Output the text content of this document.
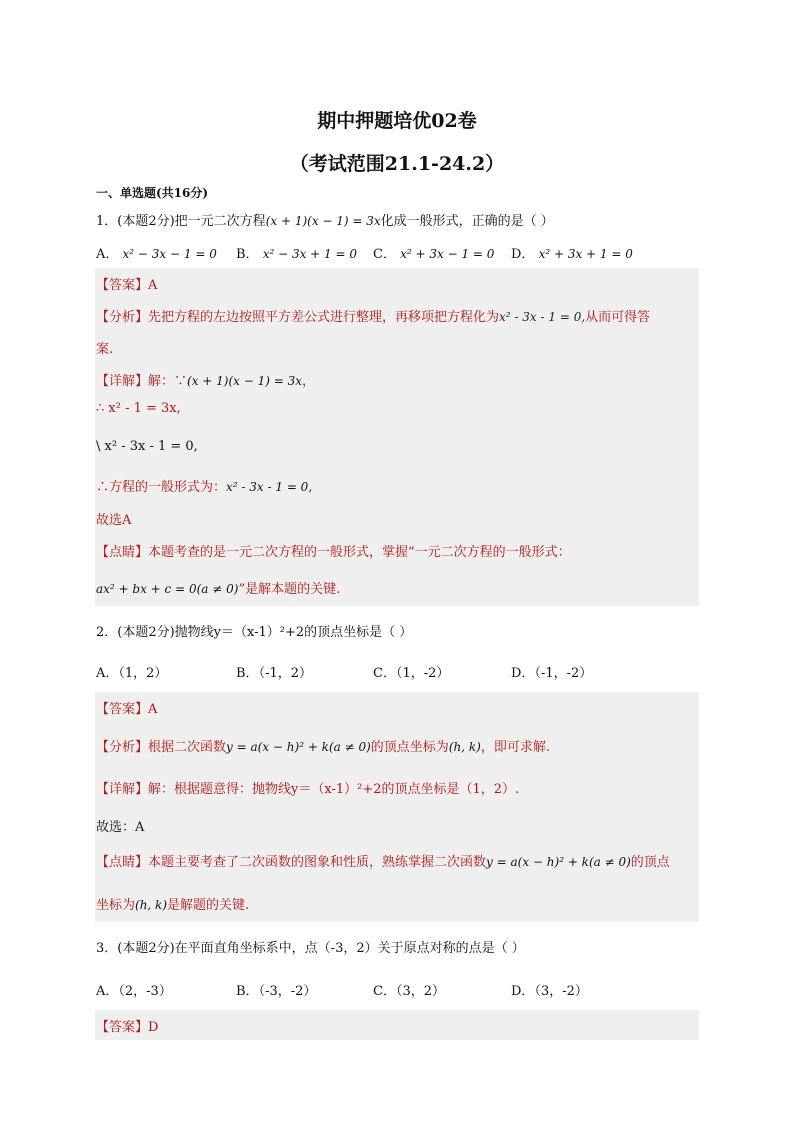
期中押题培优02卷
（考试范围21.1-24.2）
一、单选题(共16分)
1．(本题2分)把一元二次方程(x + 1)(x − 1) = 3x化成一般形式，正确的是（ ）
A． x² − 3x − 1 = 0 B． x² − 3x + 1 = 0 C． x² + 3x − 1 = 0 D． x² + 3x + 1 = 0
【答案】A
【分析】先把方程的左边按照平方差公式进行整理，再移项把方程化为x² - 3x - 1 = 0,从而可得答
案.
【详解】解：∵(x + 1)(x − 1) = 3x，
∴ x² - 1 = 3x,
\ x² - 3x - 1 = 0,
∴方程的一般形式为：x² - 3x - 1 = 0,
故选A
【点睛】本题考查的是一元二次方程的一般形式，掌握“一元二次方程的一般形式：
ax² + bx + c = 0(a ≠ 0)”是解本题的关键.
2．(本题2分)抛物线y＝（x-1）²+2的顶点坐标是（ ）
A．（1，2）	B．（-1，2）	C．（1，-2）	D．（-1，-2）
【答案】A
【分析】根据二次函数y = a(x − h)² + k(a ≠ 0)的顶点坐标为(h, k)，即可求解.
【详解】解：根据题意得：抛物线y＝（x-1）²+2的顶点坐标是（1，2）.
故选：A
【点睛】本题主要考查了二次函数的图象和性质，熟练掌握二次函数y = a(x − h)² + k(a ≠ 0)的顶点
坐标为(h, k)是解题的关键.
3．(本题2分)在平面直角坐标系中，点（-3，2）关于原点对称的点是（ ）
A．（2，-3）	B．（-3，-2）	C．（3，2）	D．（3，-2）
【答案】D
